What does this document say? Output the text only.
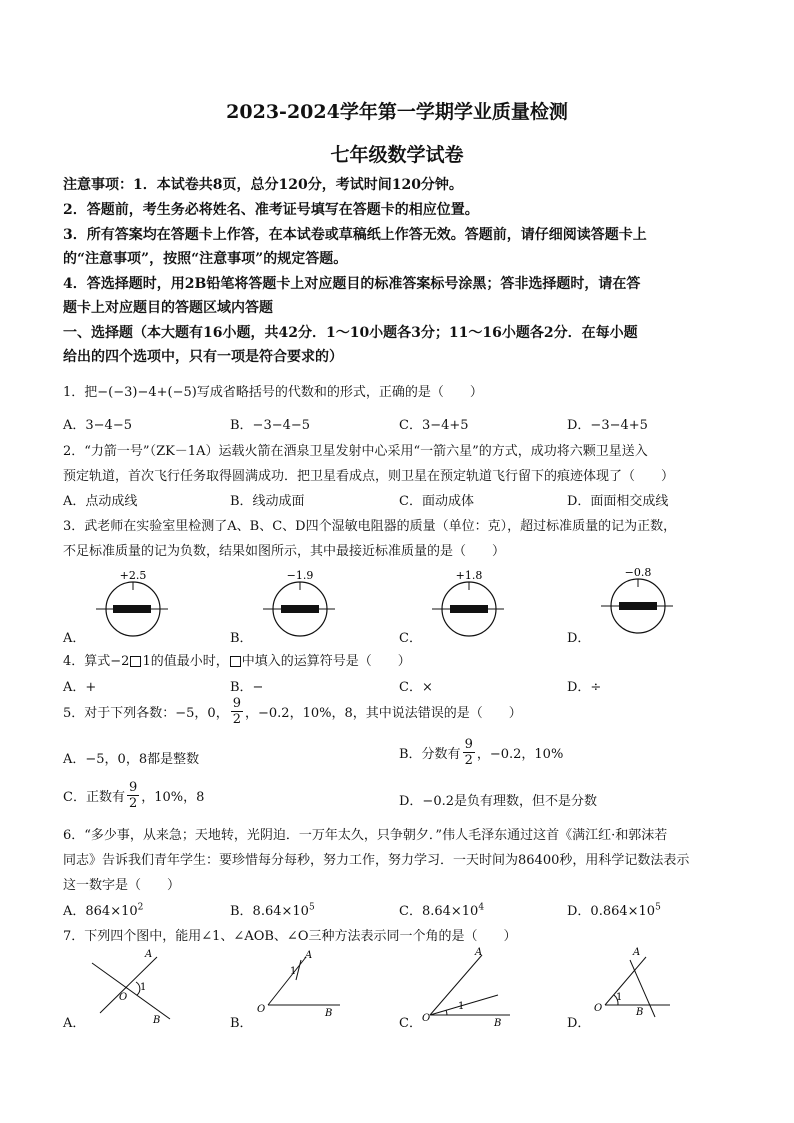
2023-2024学年第一学期学业质量检测
七年级数学试卷
注意事项：1．本试卷共8页，总分120分，考试时间120分钟。
2．答题前，考生务必将姓名、准考证号填写在答题卡的相应位置。
3．所有答案均在答题卡上作答，在本试卷或草稿纸上作答无效。答题前，请仔细阅读答题卡上
的“注意事项”，按照“注意事项”的规定答题。
4．答选择题时，用2B铅笔将答题卡上对应题目的标准答案标号涂黑；答非选择题时，请在答
题卡上对应题目的答题区域内答题
一、选择题（本大题有16小题，共42分．1～10小题各3分；11～16小题各2分．在每小题
给出的四个选项中，只有一项是符合要求的）
1．把−(−3)−4+(−5)写成省略括号的代数和的形式，正确的是（　　）
A．3−4−5	B．−3−4−5	C．3−4+5	D．−3−4+5
2．“力箭一号”（ZK－1A）运载火箭在酒泉卫星发射中心采用“一箭六星”的方式，成功将六颗卫星送入
预定轨道，首次飞行任务取得圆满成功．把卫星看成点，则卫星在预定轨道飞行留下的痕迹体现了（　　）
A．点动成线	B．线动成面	C．面动成体	D．面面相交成线
3．武老师在实验室里检测了A、B、C、D四个湿敏电阻器的质量（单位：克），超过标准质量的记为正数，
不足标准质量的记为负数，结果如图所示，其中最接近标准质量的是（　　）
+2.5	−1.9	+1.8	−0.8
A．	B．	C．	D．
4．算式−2 1的值最小时， 中填入的运算符号是（　　）
A．+	B．−	C．×	D．÷
5．对于下列各数：−5，0， $\frac{9}{2}$ ，−0.2，10%，8，其中说法错误的是（　　）
A．−5，0，8都是整数	B．分数有 $\frac{9}{2}$ ，−0.2，10%
C．正数有 $\frac{9}{2}$ ，10%，8	D．−0.2是负有理数，但不是分数
6．“多少事，从来急；天地转，光阴迫．一万年太久，只争朝夕．”伟人毛泽东通过这首《满江红·和郭沫若
同志》告诉我们青年学生：要珍惜每分每秒，努力工作，努力学习．一天时间为86400秒，用科学记数法表示
这一数字是（　　）
A．$864\times 10^2$	B．$8.64\times 10^5$	C．$8.64\times 10^4$	D．$0.864\times 10^5$
7．下列四个图中，能用∠1、∠AOB、∠O三种方法表示同一个角的是（　　）
A
O
1
B
A
1
O	B
A
1
O	B
A
1
O	B
A．	B．	C．	D．
